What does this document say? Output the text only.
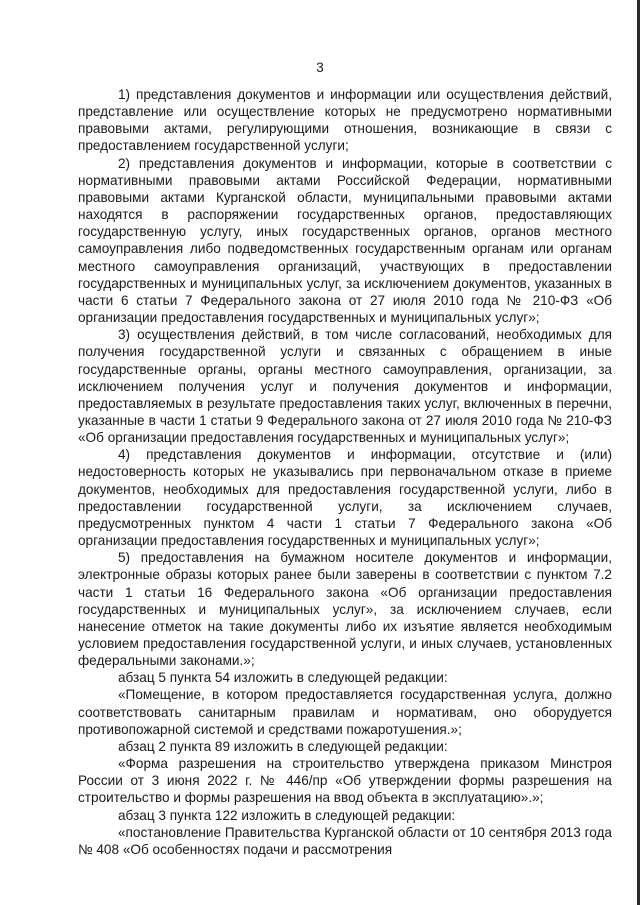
3

1) представления документов и информации или осуществления действий, представление или осуществление которых не предусмотрено нормативными правовыми актами, регулирующими отношения, возникающие в связи с предоставлением государственной услуги;

2) представления документов и информации, которые в соответствии с нормативными правовыми актами Российской Федерации, нормативными правовыми актами Курганской области, муниципальными правовыми актами находятся в распоряжении государственных органов, предоставляющих государственную услугу, иных государственных органов, органов местного самоуправления либо подведомственных государственным органам или органам местного самоуправления организаций, участвующих в предоставлении государственных и муниципальных услуг, за исключением документов, указанных в части 6 статьи 7 Федерального закона от 27 июля 2010 года № 210-ФЗ «Об организации предоставления государственных и муниципальных услуг»;

3) осуществления действий, в том числе согласований, необходимых для получения государственной услуги и связанных с обращением в иные государственные органы, органы местного самоуправления, организации, за исключением получения услуг и получения документов и информации, предоставляемых в результате предоставления таких услуг, включенных в перечни, указанные в части 1 статьи 9 Федерального закона от 27 июля 2010 года № 210-ФЗ «Об организации предоставления государственных и муниципальных услуг»;

4) представления документов и информации, отсутствие и (или) недостоверность которых не указывались при первоначальном отказе в приеме документов, необходимых для предоставления государственной услуги, либо в предоставлении государственной услуги, за исключением случаев, предусмотренных пунктом 4 части 1 статьи 7 Федерального закона «Об организации предоставления государственных и муниципальных услуг»;

5) предоставления на бумажном носителе документов и информации, электронные образы которых ранее были заверены в соответствии с пунктом 7.2 части 1 статьи 16 Федерального закона «Об организации предоставления государственных и муниципальных услуг», за исключением случаев, если нанесение отметок на такие документы либо их изъятие является необходимым условием предоставления государственной услуги, и иных случаев, установленных федеральными законами.»;

абзац 5 пункта 54 изложить в следующей редакции:

«Помещение, в котором предоставляется государственная услуга, должно соответствовать санитарным правилам и нормативам, оно оборудуется противопожарной системой и средствами пожаротушения.»;

абзац 2 пункта 89 изложить в следующей редакции:

«Форма разрешения на строительство утверждена приказом Минстроя России от 3 июня 2022 г. № 446/пр «Об утверждении формы разрешения на строительство и формы разрешения на ввод объекта в эксплуатацию».»;

абзац 3 пункта 122 изложить в следующей редакции:

«постановление Правительства Курганской области от 10 сентября 2013 года № 408 «Об особенностях подачи и рассмотрения
